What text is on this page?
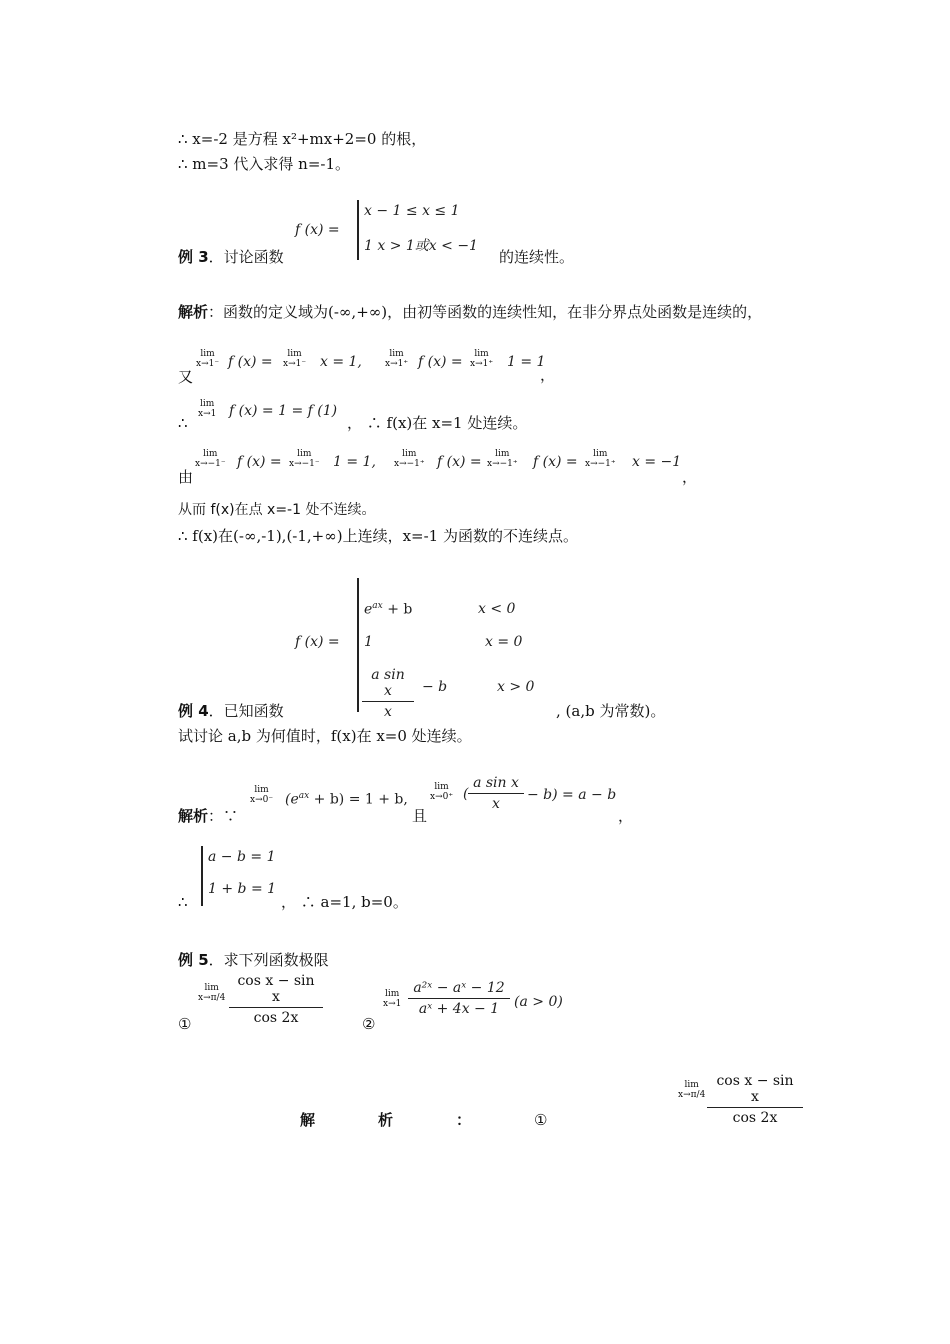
∴ x=-2 是方程 x²+mx+2=0 的根，
∴ m=3 代入求得 n=-1。
f (x) =
x − 1 ≤ x ≤ 1
1 x > 1或x < −1
例 3．讨论函数	的连续性。
解析：函数的定义域为(-∞,+∞)，由初等函数的连续性知，在非分界点处函数是连续的，
又
lim
x→1⁻ f (x) =	lim
x→1⁻ x = 1,	lim
x→1⁺ f (x) =	lim
x→1⁺ 1 = 1
，
∴
lim
x→1 f (x) = 1 = f (1)
， ∴ f(x)在 x=1 处连续。
由
lim
x→−1⁻ f (x) =	lim
x→−1⁻ 1 = 1,	lim
x→−1⁺ f (x) =	lim
x→−1⁺ f (x) =	lim
x→−1⁺ x = −1
，
从而 f(x)在点 x=-1 处不连续。
∴ f(x)在(-∞,-1),(-1,+∞)上连续，x=-1 为函数的不连续点。
f (x) =
$e^{ax} + b$	x < 0
1	x = 0
a sin x
x
− b	x > 0
例 4．已知函数	, (a,b 为常数)。
试讨论 a,b 为何值时，f(x)在 x=0 处连续。
解析：∵
lim
x→0⁻ $(e^{ax} + b) = 1 + b$,
且
lim
x→0⁺ (
a sin x
x
− b) = a − b
，
∴
a − b = 1
1 + b = 1
， ∴ a=1, b=0。
例 5．求下列函数极限
①
lim
x→π/4
cos x − sin x
cos 2x	②
lim
x→1
a²ˣ − aˣ − 12
aˣ + 4x − 1	(a > 0)
解	析	：	①
lim
x→π/4
cos x − sin x
cos 2x
